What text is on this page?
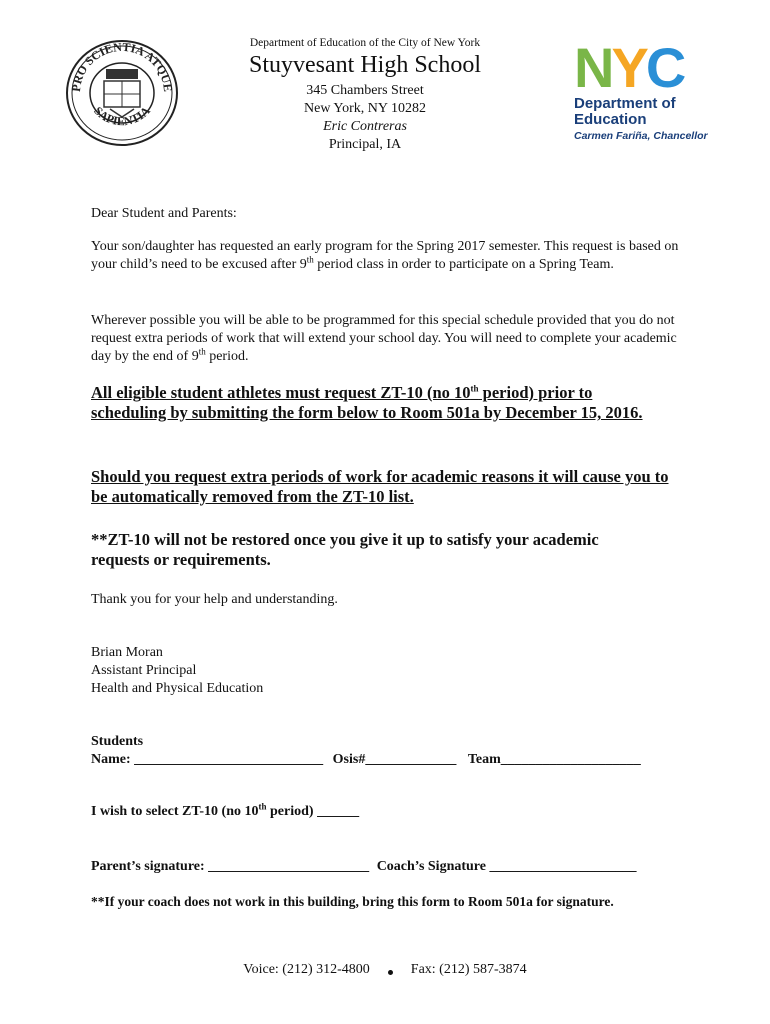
PRO SCIENTIA ATQUE
SAPIENTIA
Department of Education of the City of New York
Stuyvesant High School
345 Chambers Street
New York, NY 10282
Eric Contreras
Principal, IA
NYC
Department of
Education
Carmen Fariña, Chancellor
Dear Student and Parents:
Your son/daughter has requested an early program for the Spring 2017 semester. This request is based on your child’s need to be excused after 9th period class in order to participate on a Spring Team.
Wherever possible you will be able to be programmed for this special schedule provided that you do not request extra periods of work that will extend your school day. You will need to complete your academic day by the end of 9th period.
All eligible student athletes must request ZT-10 (no 10th period) prior to scheduling by submitting the form below to Room 501a by December 15, 2016.
Should you request extra periods of work for academic reasons it will cause you to be automatically removed from the ZT-10 list.
**ZT-10 will not be restored once you give it up to satisfy your academic requests or requirements.
Thank you for your help and understanding.
Brian Moran
Assistant Principal
Health and Physical Education
Students
Name: ___________________________ Osis#_____________ Team____________________
I wish to select ZT-10 (no 10th period) ______
Parent’s signature: _______________________ Coach’s Signature _____________________
**If your coach does not work in this building, bring this form to Room 501a for signature.
Voice: (212) 312-4800	Fax: (212) 587-3874
